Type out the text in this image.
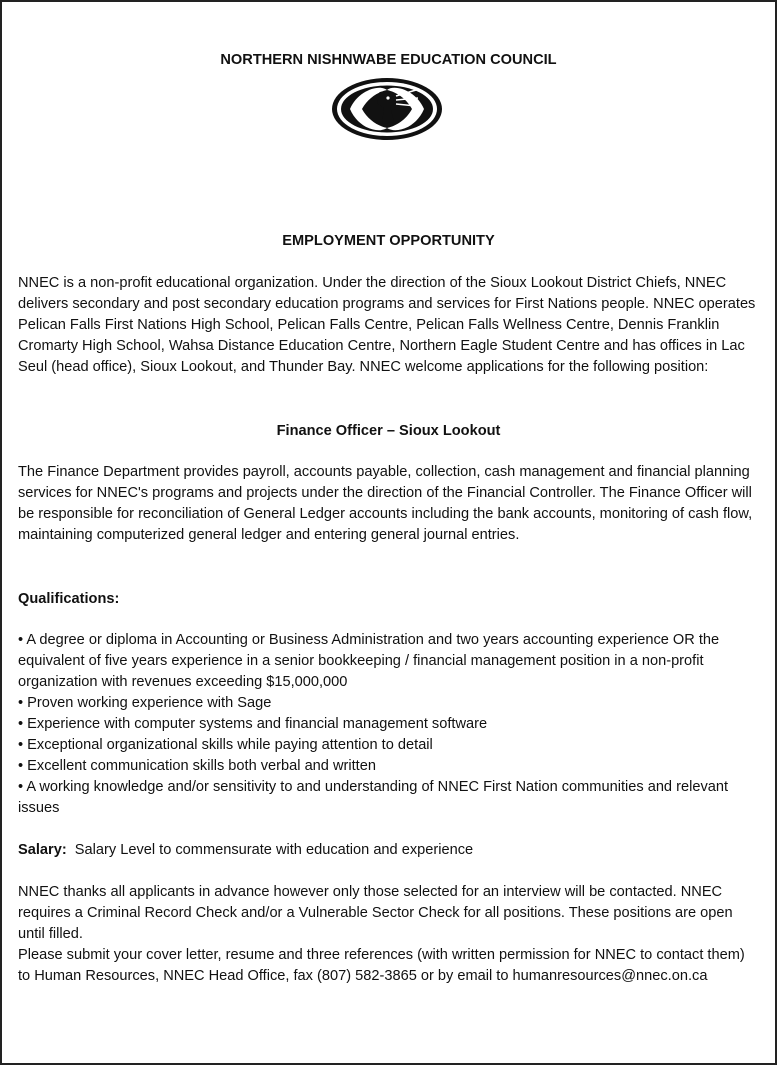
NORTHERN NISHNWABE EDUCATION COUNCIL
EMPLOYMENT OPPORTUNITY
NNEC is a non-profit educational organization. Under the direction of the Sioux Lookout District Chiefs, NNEC delivers secondary and post secondary education programs and services for First Nations people. NNEC operates Pelican Falls First Nations High School, Pelican Falls Centre, Pelican Falls Wellness Centre, Dennis Franklin Cromarty High School, Wahsa Distance Education Centre, Northern Eagle Student Centre and has offices in Lac Seul (head office), Sioux Lookout, and Thunder Bay. NNEC welcome applications for the following position:
Finance Officer – Sioux Lookout
The Finance Department provides payroll, accounts payable, collection, cash management and financial planning services for NNEC's programs and projects under the direction of the Financial Controller. The Finance Officer will be responsible for reconciliation of General Ledger accounts including the bank accounts, monitoring of cash flow, maintaining computerized general ledger and entering general journal entries.
Qualifications:
• A degree or diploma in Accounting or Business Administration and two years accounting experience OR the equivalent of five years experience in a senior bookkeeping / financial management position in a non-profit organization with revenues exceeding $15,000,000
• Proven working experience with Sage
• Experience with computer systems and financial management software
• Exceptional organizational skills while paying attention to detail
• Excellent communication skills both verbal and written
• A working knowledge and/or sensitivity to and understanding of NNEC First Nation communities and relevant issues
Salary: Salary Level to commensurate with education and experience
NNEC thanks all applicants in advance however only those selected for an interview will be contacted. NNEC requires a Criminal Record Check and/or a Vulnerable Sector Check for all positions. These positions are open until filled.
Please submit your cover letter, resume and three references (with written permission for NNEC to contact them) to Human Resources, NNEC Head Office, fax (807) 582-3865 or by email to humanresources@nnec.on.ca
